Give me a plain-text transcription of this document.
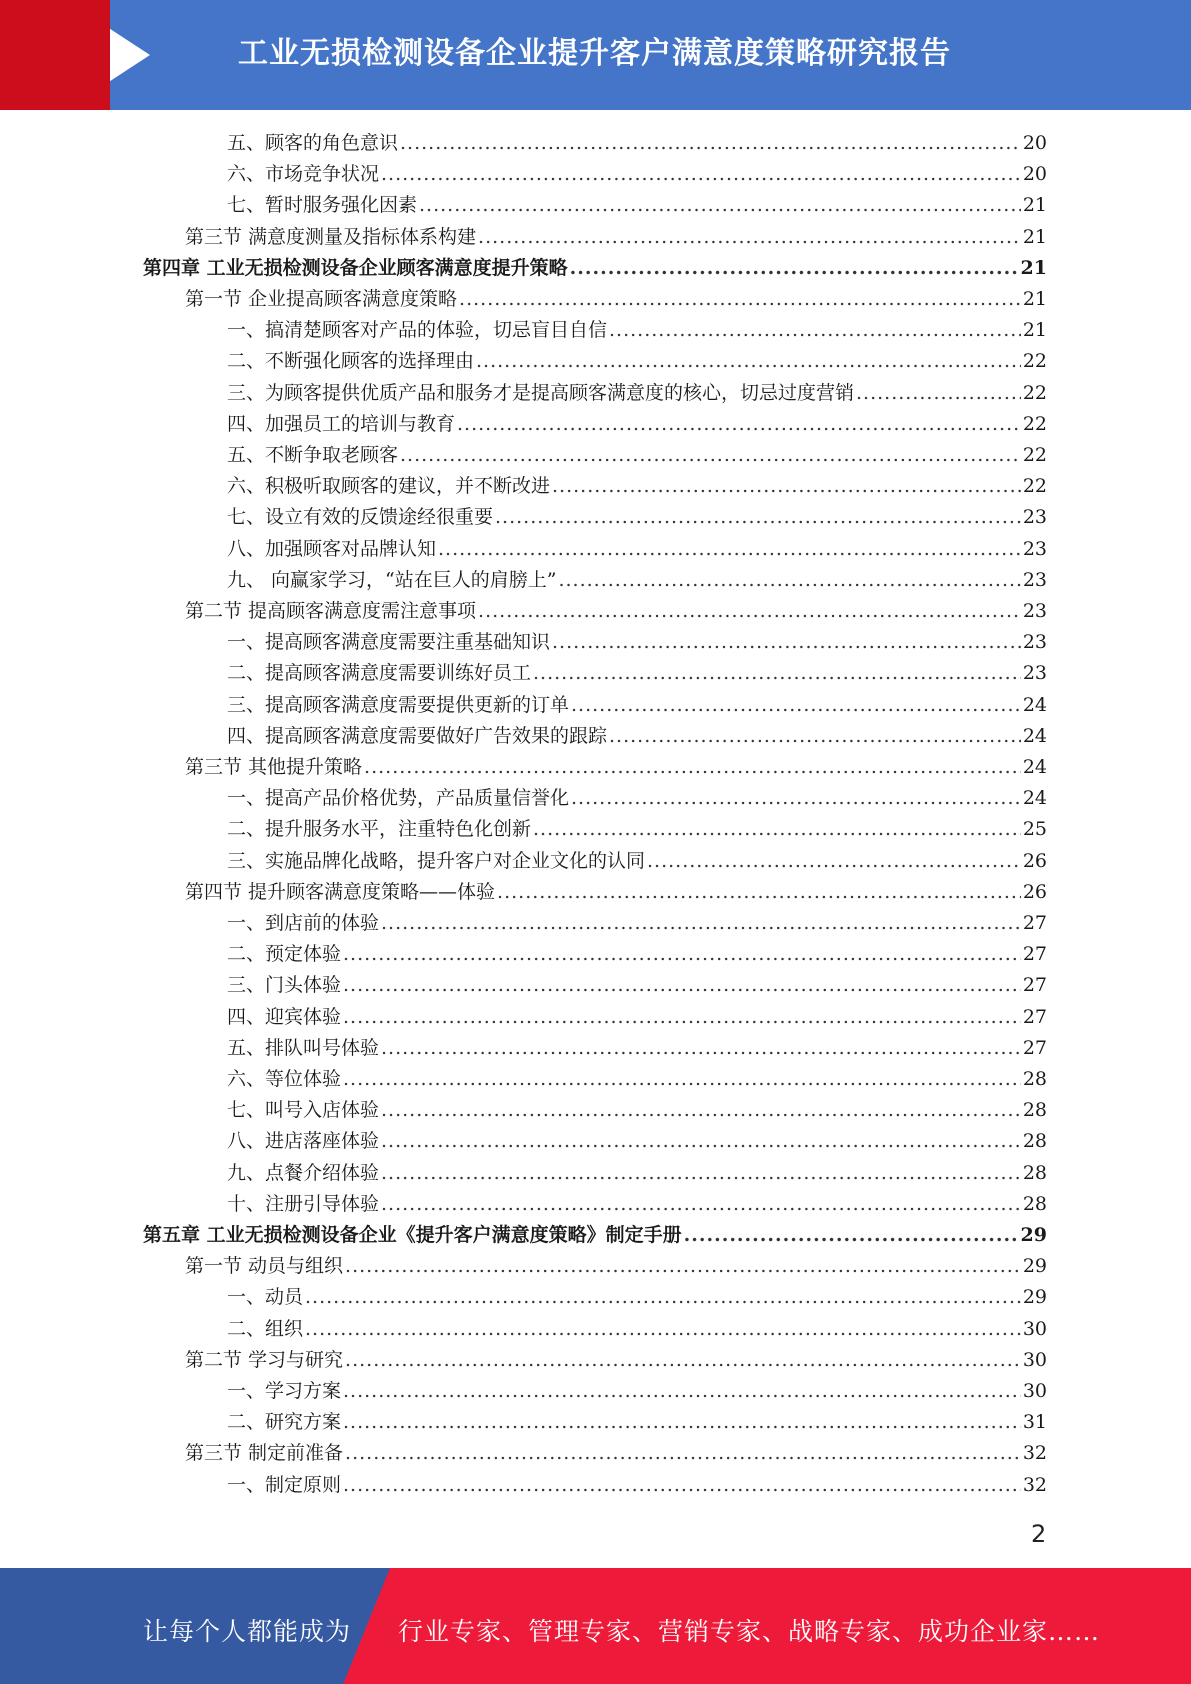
工业无损检测设备企业提升客户满意度策略研究报告
五、顾客的角色意识 .....	20
六、市场竞争状况 .....	20
七、暂时服务强化因素 .....	21
第三节 满意度测量及指标体系构建 .....	21
第四章 工业无损检测设备企业顾客满意度提升策略 .....	21
第一节 企业提高顾客满意度策略 .....	21
一、搞清楚顾客对产品的体验，切忌盲目自信 .....	21
二、不断强化顾客的选择理由 .....	22
三、为顾客提供优质产品和服务才是提高顾客满意度的核心，切忌过度营销 .....	22
四、加强员工的培训与教育 .....	22
五、不断争取老顾客 .....	22
六、积极听取顾客的建议，并不断改进 .....	22
七、设立有效的反馈途经很重要 .....	23
八、加强顾客对品牌认知 .....	23
九、 向赢家学习，“站在巨人的肩膀上” .....	23
第二节 提高顾客满意度需注意事项 .....	23
一、提高顾客满意度需要注重基础知识 .....	23
二、提高顾客满意度需要训练好员工 .....	23
三、提高顾客满意度需要提供更新的订单 .....	24
四、提高顾客满意度需要做好广告效果的跟踪 .....	24
第三节 其他提升策略 .....	24
一、提高产品价格优势，产品质量信誉化 .....	24
二、提升服务水平，注重特色化创新 .....	25
三、实施品牌化战略，提升客户对企业文化的认同 .....	26
第四节 提升顾客满意度策略——体验 .....	26
一、到店前的体验 .....	27
二、预定体验 .....	27
三、门头体验 .....	27
四、迎宾体验 .....	27
五、排队叫号体验 .....	27
六、等位体验 .....	28
七、叫号入店体验 .....	28
八、进店落座体验 .....	28
九、点餐介绍体验 .....	28
十、注册引导体验 .....	28
第五章 工业无损检测设备企业《提升客户满意度策略》制定手册 .....	29
第一节 动员与组织 .....	29
一、动员 .....	29
二、组织 .....	30
第二节 学习与研究 .....	30
一、学习方案 .....	30
二、研究方案 .....	31
第三节 制定前准备 .....	32
一、制定原则 .....	32
2
让每个人都能成为 行业专家、管理专家、营销专家、战略专家、成功企业家……
